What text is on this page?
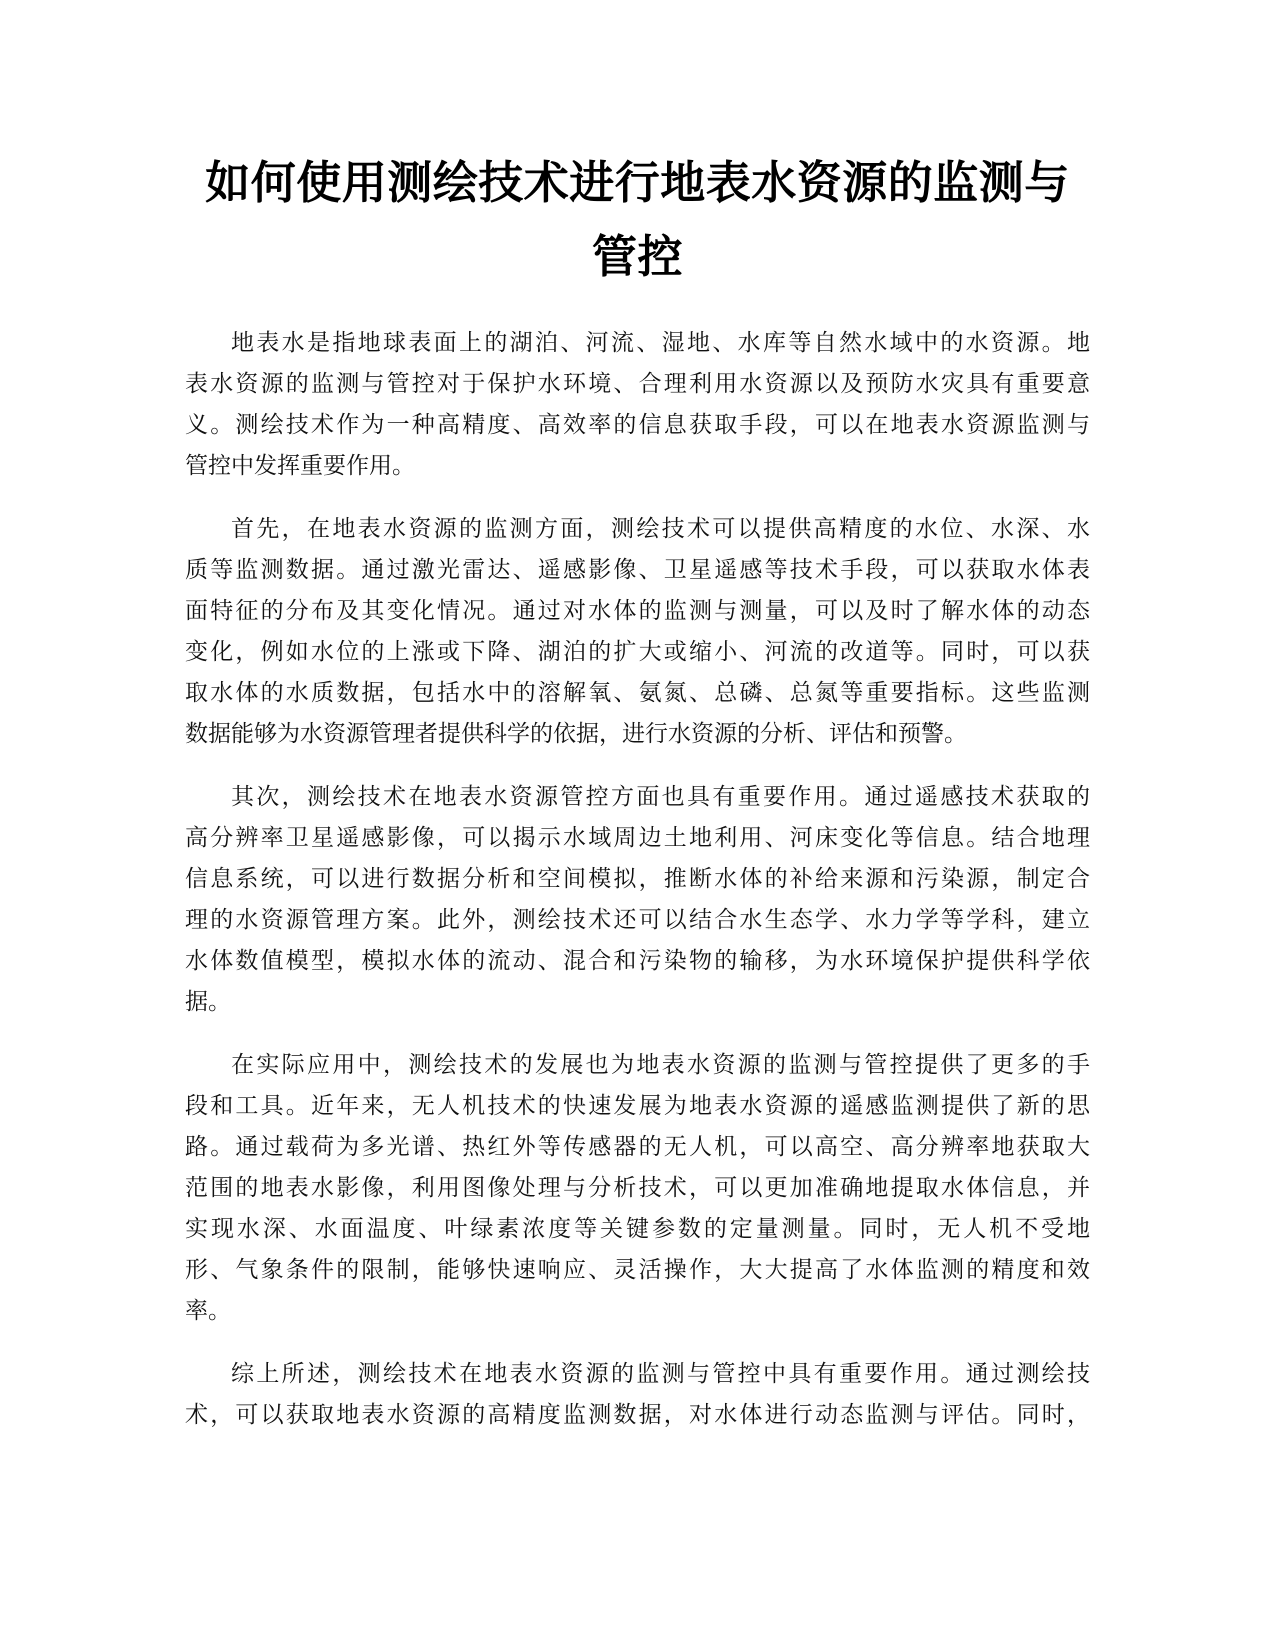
如何使用测绘技术进行地表水资源的监测与
管控

地表水是指地球表面上的湖泊、河流、湿地、水库等自然水域中的水资源。地
表水资源的监测与管控对于保护水环境、合理利用水资源以及预防水灾具有重要意
义。测绘技术作为一种高精度、高效率的信息获取手段，可以在地表水资源监测与
管控中发挥重要作用。

首先，在地表水资源的监测方面，测绘技术可以提供高精度的水位、水深、水
质等监测数据。通过激光雷达、遥感影像、卫星遥感等技术手段，可以获取水体表
面特征的分布及其变化情况。通过对水体的监测与测量，可以及时了解水体的动态
变化，例如水位的上涨或下降、湖泊的扩大或缩小、河流的改道等。同时，可以获
取水体的水质数据，包括水中的溶解氧、氨氮、总磷、总氮等重要指标。这些监测
数据能够为水资源管理者提供科学的依据，进行水资源的分析、评估和预警。

其次，测绘技术在地表水资源管控方面也具有重要作用。通过遥感技术获取的
高分辨率卫星遥感影像，可以揭示水域周边土地利用、河床变化等信息。结合地理
信息系统，可以进行数据分析和空间模拟，推断水体的补给来源和污染源，制定合
理的水资源管理方案。此外，测绘技术还可以结合水生态学、水力学等学科，建立
水体数值模型，模拟水体的流动、混合和污染物的输移，为水环境保护提供科学依
据。

在实际应用中，测绘技术的发展也为地表水资源的监测与管控提供了更多的手
段和工具。近年来，无人机技术的快速发展为地表水资源的遥感监测提供了新的思
路。通过载荷为多光谱、热红外等传感器的无人机，可以高空、高分辨率地获取大
范围的地表水影像，利用图像处理与分析技术，可以更加准确地提取水体信息，并
实现水深、水面温度、叶绿素浓度等关键参数的定量测量。同时，无人机不受地
形、气象条件的限制，能够快速响应、灵活操作，大大提高了水体监测的精度和效
率。

综上所述，测绘技术在地表水资源的监测与管控中具有重要作用。通过测绘技
术，可以获取地表水资源的高精度监测数据，对水体进行动态监测与评估。同时，
